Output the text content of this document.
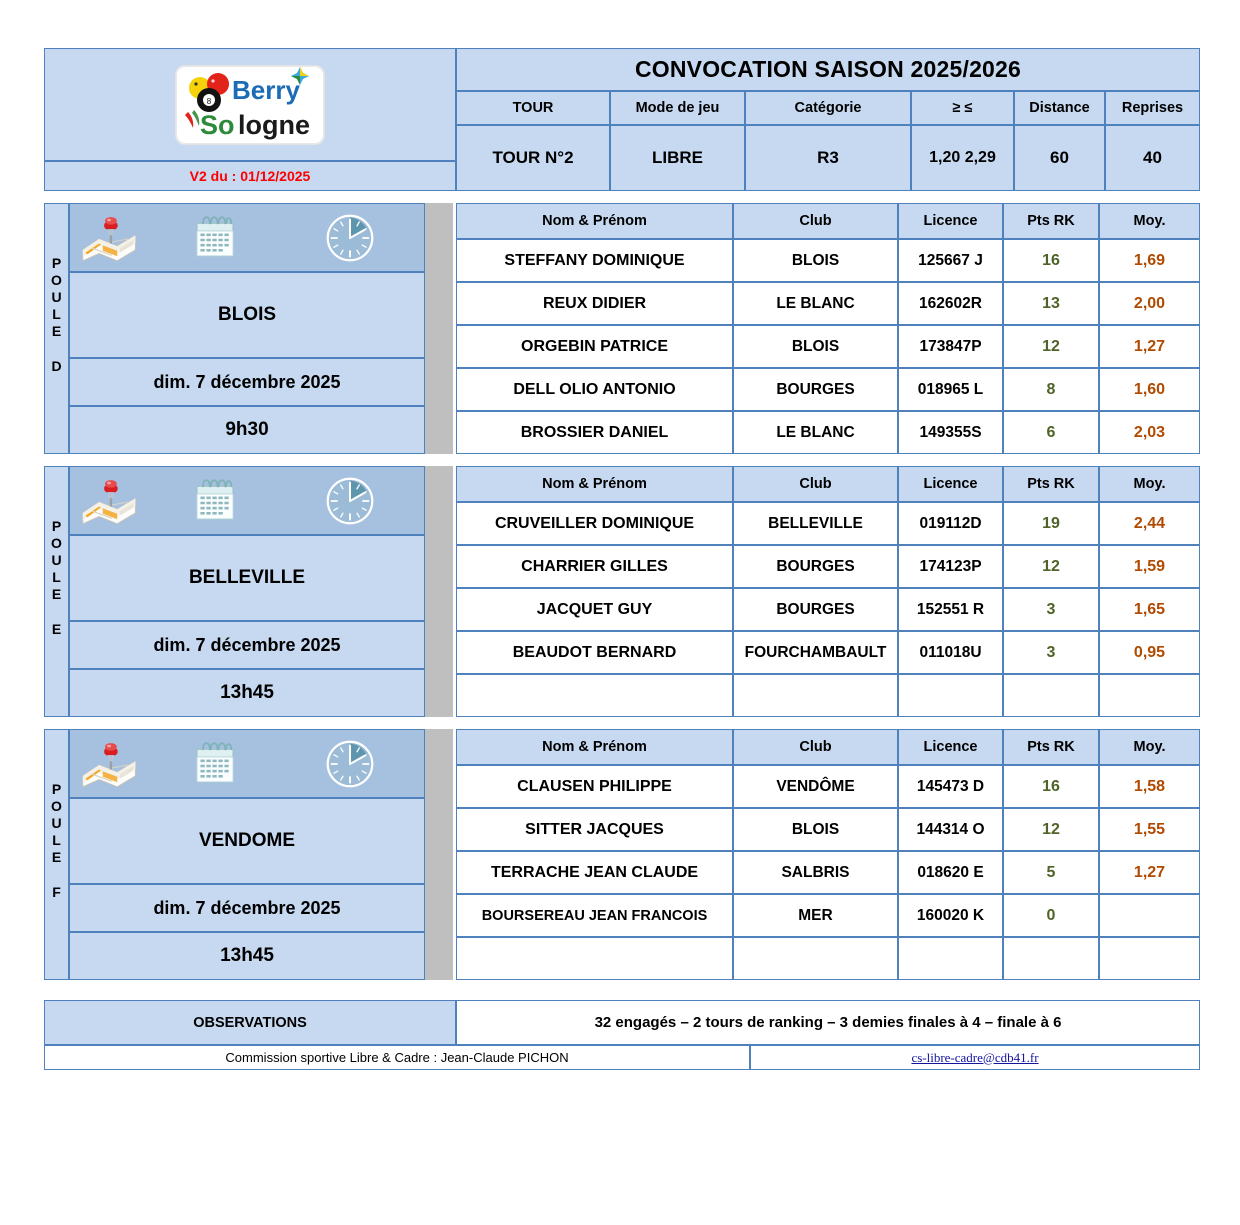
8 Berry
So logne
V2 du : 01/12/2025
CONVOCATION SAISON 2025/2026
TOUR	Mode de jeu	Catégorie	≥ ≤	Distance Reprises
TOUR N°2	LIBRE	R3	1,20 2,29	60	40
P
O
U
L
E
D
BLOIS
dim. 7 décembre 2025
9h30
Nom & Prénom	Club	Licence	Pts RK	Moy.
STEFFANY DOMINIQUE	BLOIS	125667 J	16	1,69
REUX DIDIER	LE BLANC	162602R	13	2,00
ORGEBIN PATRICE	BLOIS	173847P	12	1,27
DELL OLIO ANTONIO	BOURGES	018965 L	8	1,60
BROSSIER DANIEL	LE BLANC	149355S	6	2,03
P
O
U
L
E
E
BELLEVILLE
dim. 7 décembre 2025
13h45
Nom & Prénom	Club	Licence	Pts RK	Moy.
CRUVEILLER DOMINIQUE	BELLEVILLE	019112D	19	2,44
CHARRIER GILLES	BOURGES	174123P	12	1,59
JACQUET GUY	BOURGES	152551 R	3	1,65
BEAUDOT BERNARD	FOURCHAMBAULT 011018U	3	0,95
P
O
U
L
E
F
VENDOME
dim. 7 décembre 2025
13h45
Nom & Prénom	Club	Licence	Pts RK	Moy.
CLAUSEN PHILIPPE	VENDÔME	145473 D	16	1,58
SITTER JACQUES	BLOIS	144314 O	12	1,55
TERRACHE JEAN CLAUDE	SALBRIS	018620 E	5	1,27
BOURSEREAU JEAN FRANCOIS	MER	160020 K	0
OBSERVATIONS	32 engagés – 2 tours de ranking – 3 demies finales à 4 – finale à 6
Commission sportive Libre & Cadre : Jean-Claude PICHON	cs-libre-cadre@cdb41.fr
